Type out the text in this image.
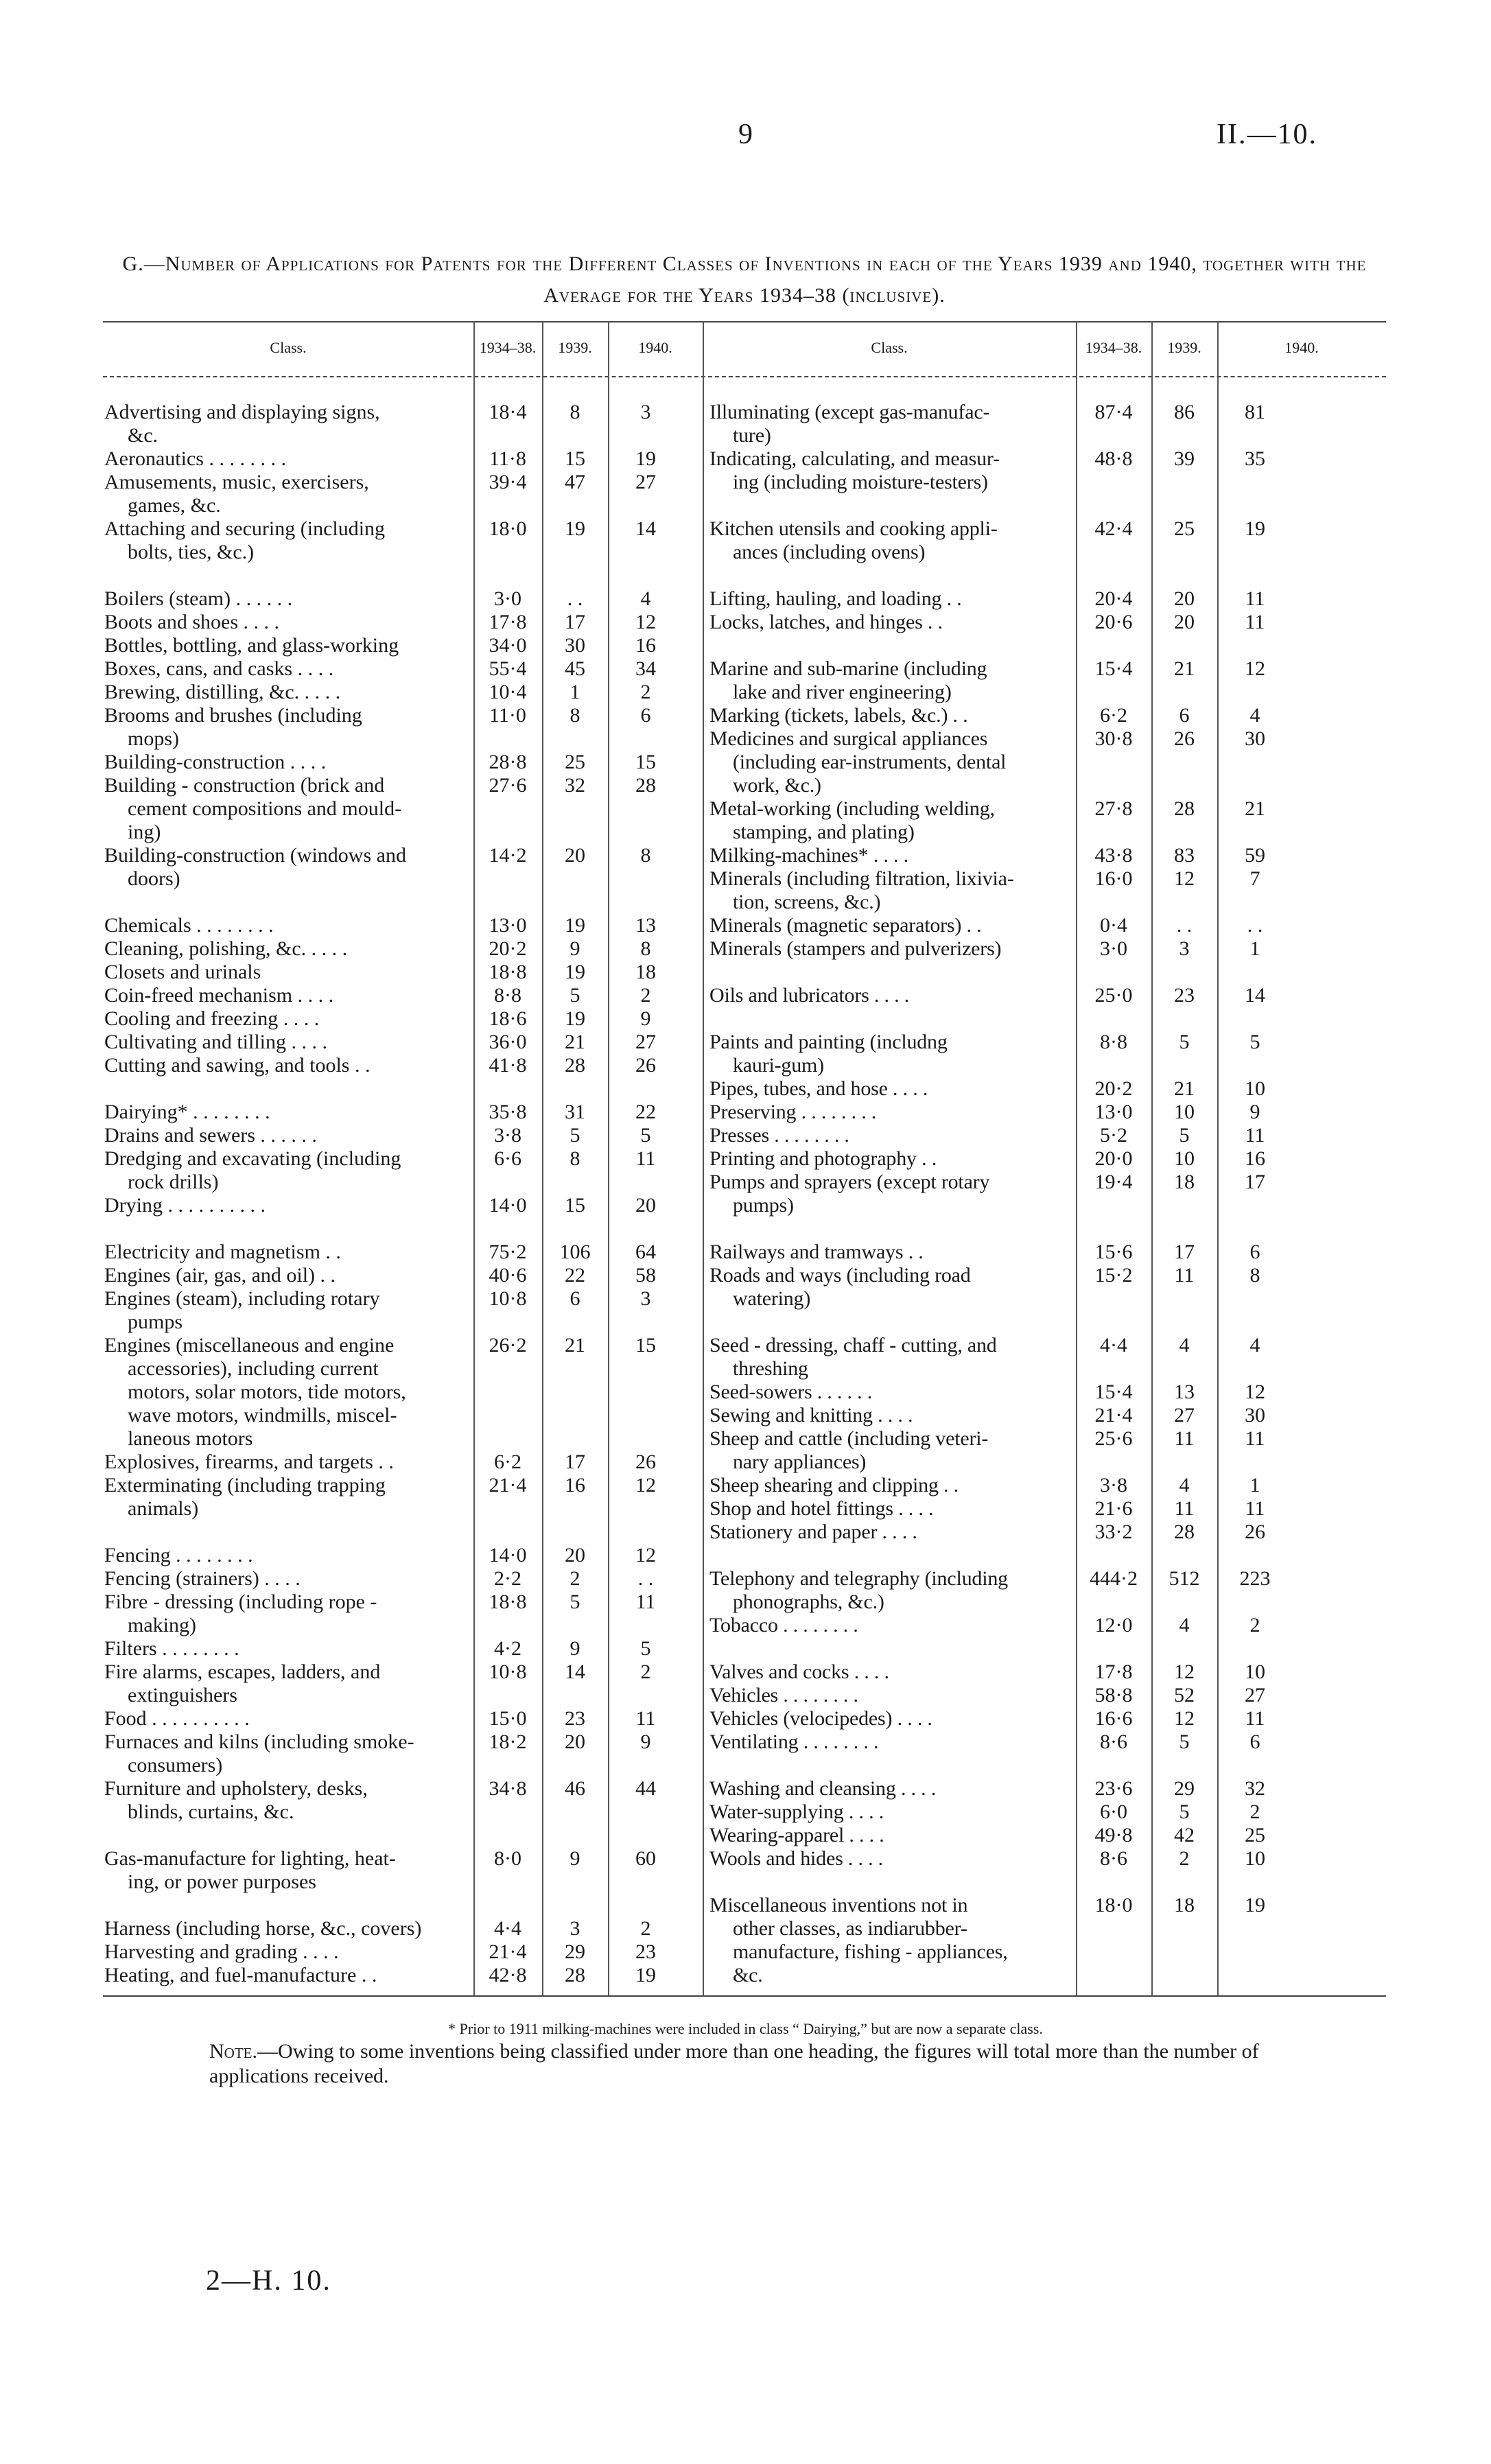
9	II.—10.
G.—Number of Applications for Patents for the Different Classes of Inventions in each of the Years 1939 and 1940, together with the Average for the Years 1934–38 (inclusive).
Class.	1934–38.	1939.	1940.	Class.	1934–38.	1939.	1940.
Advertising and displaying signs,
&c.
18·4	8	3
Aeronautics . . . . . . . .	11·8	15	19
Amusements, music, exercisers,
games, &c.
39·4	47	27
Attaching and securing (including
bolts, ties, &c.)
18·0	19	14
Boilers (steam) . . . . . .	3·0	. .	4
Boots and shoes . . . .	17·8	17	12
Bottles, bottling, and glass-working	34·0	30	16
Boxes, cans, and casks . . . .	55·4	45	34
Brewing, distilling, &c. . . . .	10·4	1	2
Brooms and brushes (including
mops)
11·0	8	6
Building-construction . . . .	28·8	25	15
Building - construction (brick and
cement compositions and mould-
ing)
27·6	32	28
Building-construction (windows and
doors)
14·2	20	8
Chemicals . . . . . . . .	13·0	19	13
Cleaning, polishing, &c. . . . .	20·2	9	8
Closets and urinals	18·8	19	18
Coin-freed mechanism . . . .	8·8	5	2
Cooling and freezing . . . .	18·6	19	9
Cultivating and tilling . . . .	36·0	21	27
Cutting and sawing, and tools . .	41·8	28	26
Dairying* . . . . . . . .	35·8	31	22
Drains and sewers . . . . . .	3·8	5	5
Dredging and excavating (including
rock drills)
6·6	8	11
Drying . . . . . . . . . .	14·0	15	20
Electricity and magnetism . .	75·2	106	64
Engines (air, gas, and oil) . .	40·6	22	58
Engines (steam), including rotary
pumps
10·8	6	3
Engines (miscellaneous and engine
accessories), including current
motors, solar motors, tide motors,
wave motors, windmills, miscel-
laneous motors
26·2	21	15
Explosives, firearms, and targets . .	6·2	17	26
Exterminating (including trapping
animals)
21·4	16	12
Fencing . . . . . . . .	14·0	20	12
Fencing (strainers) . . . .	2·2	2	. .
Fibre - dressing (including rope -
making)
18·8	5	11
Filters . . . . . . . .	4·2	9	5
Fire alarms, escapes, ladders, and
extinguishers
10·8	14	2
Food . . . . . . . . . .	15·0	23	11
Furnaces and kilns (including smoke-
consumers)
18·2	20	9
Furniture and upholstery, desks,
blinds, curtains, &c.
34·8	46	44
Gas-manufacture for lighting, heat-
ing, or power purposes
8·0	9	60
Harness (including horse, &c., covers)	4·4	3	2
Harvesting and grading . . . .	21·4	29	23
Heating, and fuel-manufacture . .	42·8	28	19
Illuminating (except gas-manufac-
ture)
87·4	86	81
Indicating, calculating, and measur-
ing (including moisture-testers)
48·8	39	35
Kitchen utensils and cooking appli-
ances (including ovens)
42·4	25	19
Lifting, hauling, and loading . .	20·4	20	11
Locks, latches, and hinges . .	20·6	20	11
Marine and sub-marine (including
lake and river engineering)
15·4	21	12
Marking (tickets, labels, &c.) . .	6·2	6	4
Medicines and surgical appliances
(including ear-instruments, dental
work, &c.)
30·8	26	30
Metal-working (including welding,
stamping, and plating)
27·8	28	21
Milking-machines* . . . .	43·8	83	59
Minerals (including filtration, lixivia-
tion, screens, &c.)
16·0	12	7
Minerals (magnetic separators) . .	0·4	. .	. .
Minerals (stampers and pulverizers)	3·0	3	1
Oils and lubricators . . . .	25·0	23	14
Paints and painting (includng
kauri-gum)
8·8	5	5
Pipes, tubes, and hose . . . .	20·2	21	10
Preserving . . . . . . . .	13·0	10	9
Presses . . . . . . . .	5·2	5	11
Printing and photography . .	20·0	10	16
Pumps and sprayers (except rotary
pumps)
19·4	18	17
Railways and tramways . .	15·6	17	6
Roads and ways (including road
watering)
15·2	11	8
Seed - dressing, chaff - cutting, and
threshing
4·4	4	4
Seed-sowers . . . . . .	15·4	13	12
Sewing and knitting . . . .	21·4	27	30
Sheep and cattle (including veteri-
nary appliances)
25·6	11	11
Sheep shearing and clipping . .	3·8	4	1
Shop and hotel fittings . . . .	21·6	11	11
Stationery and paper . . . .	33·2	28	26
Telephony and telegraphy (including
phonographs, &c.)
444·2	512	223
Tobacco . . . . . . . .	12·0	4	2
Valves and cocks . . . .	17·8	12	10
Vehicles . . . . . . . .	58·8	52	27
Vehicles (velocipedes) . . . .	16·6	12	11
Ventilating . . . . . . . .	8·6	5	6
Washing and cleansing . . . .	23·6	29	32
Water-supplying . . . .	6·0	5	2
Wearing-apparel . . . .	49·8	42	25
Wools and hides . . . .	8·6	2	10
Miscellaneous inventions not in
other classes, as indiarubber-
manufacture, fishing - appliances,
&c.
18·0	18	19
* Prior to 1911 milking-machines were included in class “ Dairying,” but are now a separate class.
Note.—Owing to some inventions being classified under more than one heading, the figures will total more than the number of applications received.
2—H. 10.
